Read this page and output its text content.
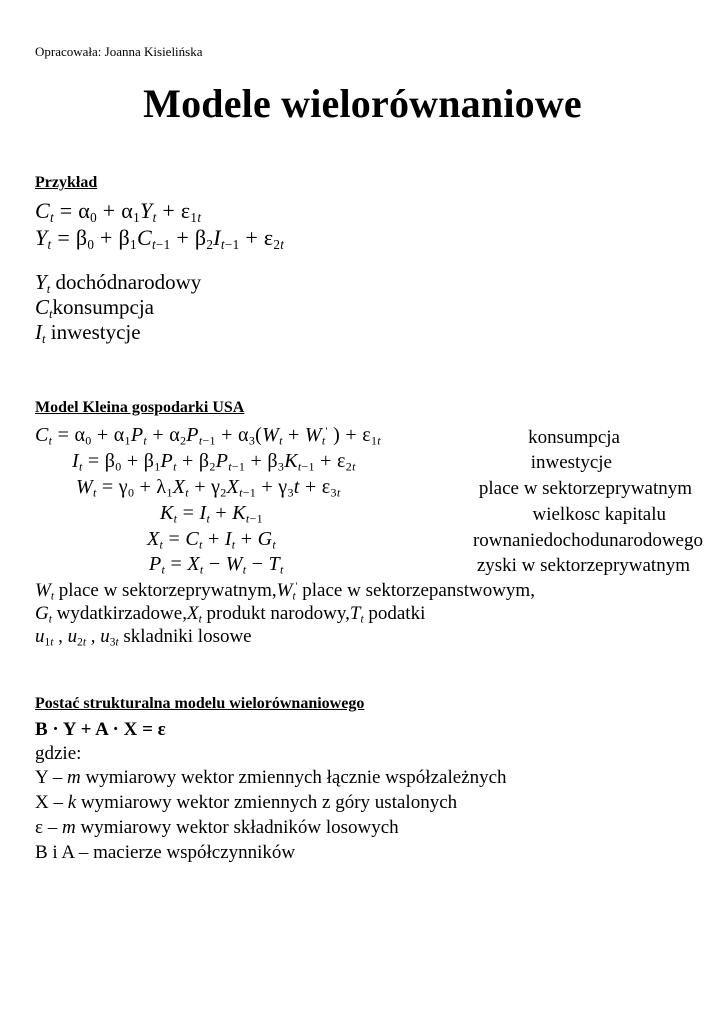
Opracowała: Joanna Kisielińska
Modele wielorównaniowe
Przykład
$C_t = \alpha_0 + \alpha_1Y_t + \varepsilon_{1t}$
$Y_t = \beta_0 + \beta_1C_{t-1} + \beta_2I_{t-1} + \varepsilon_{2t}$
$Y_t$ dochódnarodowy
$C_tkonsumpcja$
$I_t$ inwestycje
Model Kleina gospodarki USA
$C_t = \alpha_0 + \alpha_1P_t + \alpha_2P_{t-1} + \alpha_3(W_t + W_t'$ ) + $\varepsilon_{1t}$
$I_t = \beta_0 + \beta_1P_t + \beta_2P_{t-1} + \beta_3K_{t-1} + \varepsilon_{2t}$
$W_t = \gamma_0 + \lambda_1X_t + \gamma_2X_{t-1} + \gamma_3t + \varepsilon_{3t}$
$K_t = I_t + K_{t-1}$
$X_t = C_t + I_t + G_t$
$P_t = X_t - W_t - T_t$
konsumpcja
inwestycje
place w sektorzeprywatnym
wielkosc kapitalu
rownaniedochodunarodowego
zyski w sektorzeprywatnym
$W_t$ place w $sektorzeprywatnym,W_t'$ place w sektorzepanstwowym,
$G_t$ $wydatkirzadowe,X_t$ produkt $narodowy,T_t$ podatki
$u_{1t}$ , $u_{2t}$ , $u_{3t}$ skladniki losowe
Postać strukturalna modelu wielorównaniowego
B · Y + A · X = ε
gdzie:
Y – m wymiarowy wektor zmiennych łącznie współzależnych
X – k wymiarowy wektor zmiennych z góry ustalonych
ε – m wymiarowy wektor składników losowych
B i A – macierze współczynników
